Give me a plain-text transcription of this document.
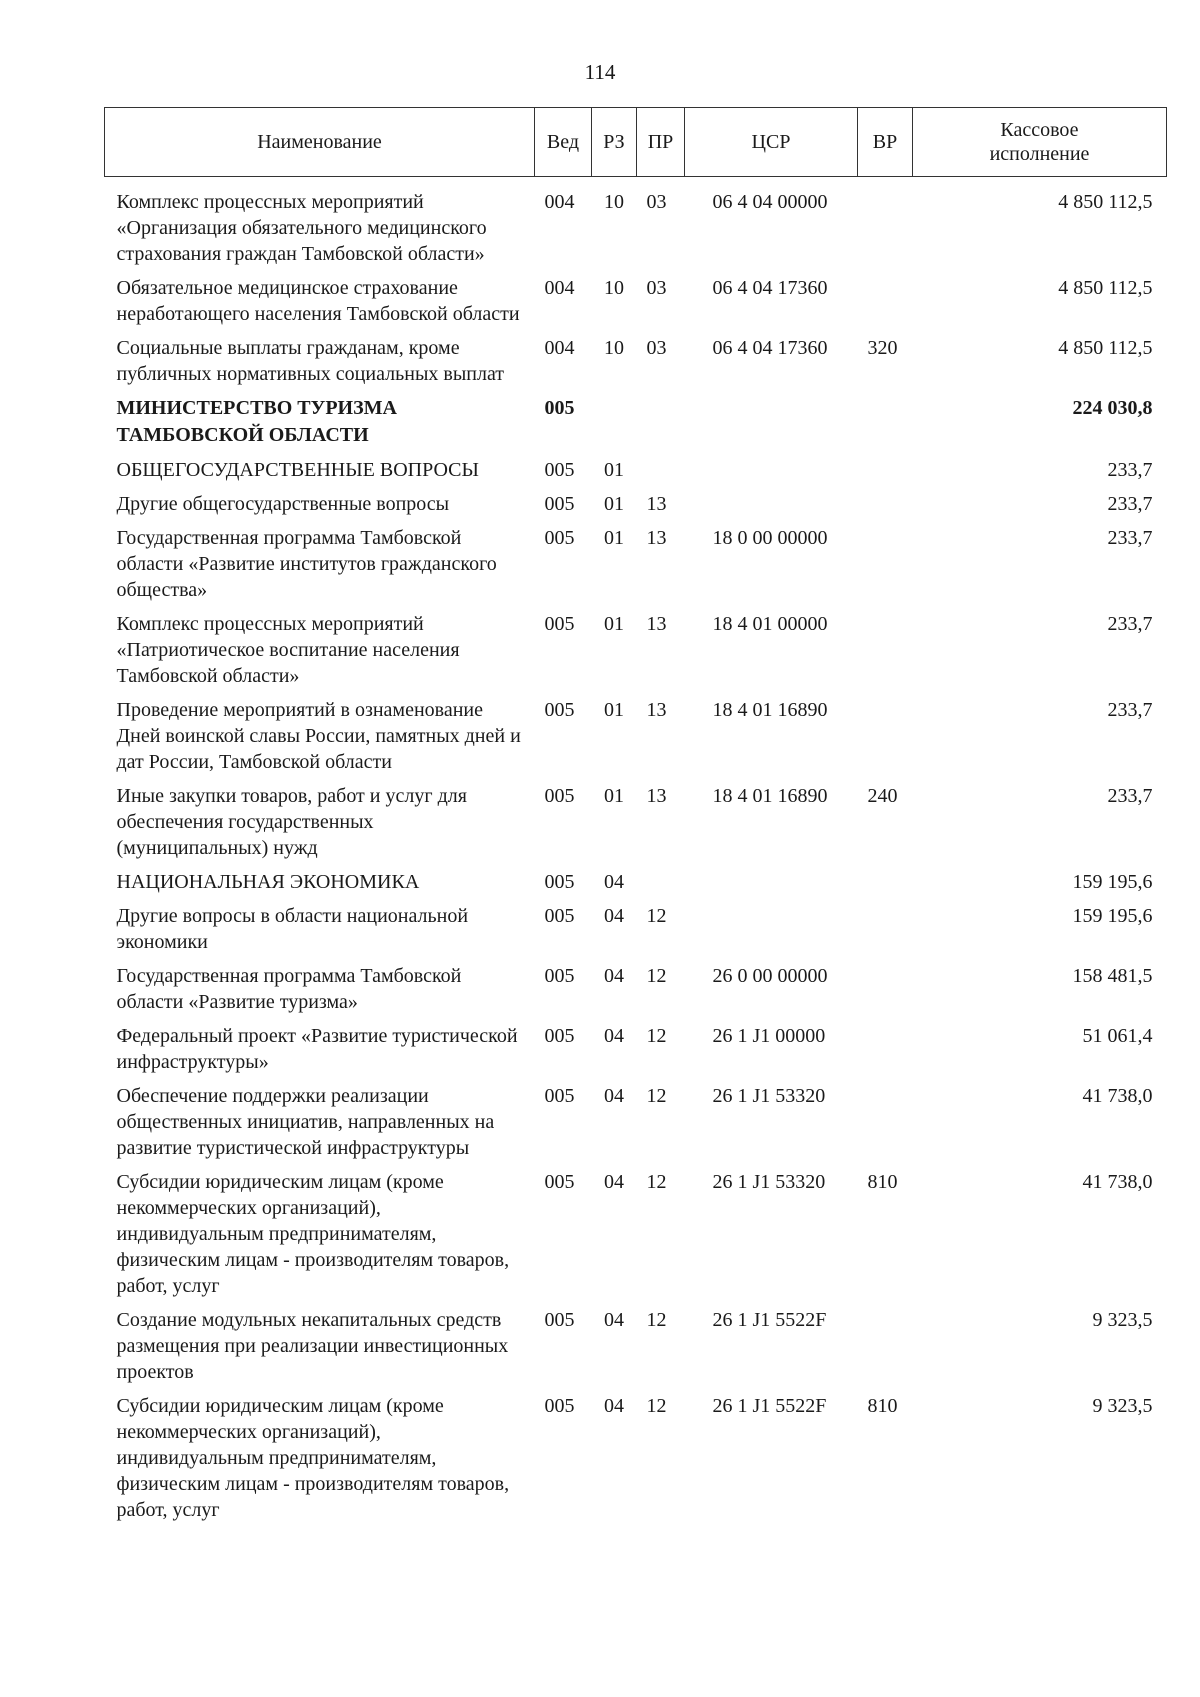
114
Наименование	Вед	РЗ	ПР	ЦСР	ВР	Кассовое
исполнение
Комплекс процессных мероприятий «Организация обязательного медицинского страхования граждан Тамбовской области»	004	10	03	06 4 04 00000		4 850 112,5
Обязательное медицинское страхование неработающего населения Тамбовской области	004	10	03	06 4 04 17360		4 850 112,5
Социальные выплаты гражданам, кроме публичных нормативных социальных выплат	004	10	03	06 4 04 17360	320	4 850 112,5
МИНИСТЕРСТВО ТУРИЗМА ТАМБОВСКОЙ ОБЛАСТИ	005					224 030,8
ОБЩЕГОСУДАРСТВЕННЫЕ ВОПРОСЫ	005	01				233,7
Другие общегосударственные вопросы	005	01	13			233,7
Государственная программа Тамбовской области «Развитие институтов гражданского общества»	005	01	13	18 0 00 00000		233,7
Комплекс процессных мероприятий «Патриотическое воспитание населения Тамбовской области»	005	01	13	18 4 01 00000		233,7
Проведение мероприятий в ознаменование Дней воинской славы России, памятных дней и дат России, Тамбовской области	005	01	13	18 4 01 16890		233,7
Иные закупки товаров, работ и услуг для обеспечения государственных (муниципальных) нужд	005	01	13	18 4 01 16890	240	233,7
НАЦИОНАЛЬНАЯ ЭКОНОМИКА	005	04				159 195,6
Другие вопросы в области национальной экономики	005	04	12			159 195,6
Государственная программа Тамбовской области «Развитие туризма»	005	04	12	26 0 00 00000		158 481,5
Федеральный проект «Развитие туристической инфраструктуры»	005	04	12	26 1 J1 00000		51 061,4
Обеспечение поддержки реализации общественных инициатив, направленных на развитие туристической инфраструктуры	005	04	12	26 1 J1 53320		41 738,0
Субсидии юридическим лицам (кроме некоммерческих организаций), индивидуальным предпринимателям, физическим лицам - производителям товаров, работ, услуг	005	04	12	26 1 J1 53320	810	41 738,0
Создание модульных некапитальных средств размещения при реализации инвестиционных проектов	005	04	12	26 1 J1 5522F		9 323,5
Субсидии юридическим лицам (кроме некоммерческих организаций), индивидуальным предпринимателям, физическим лицам - производителям товаров, работ, услуг	005	04	12	26 1 J1 5522F	810	9 323,5
